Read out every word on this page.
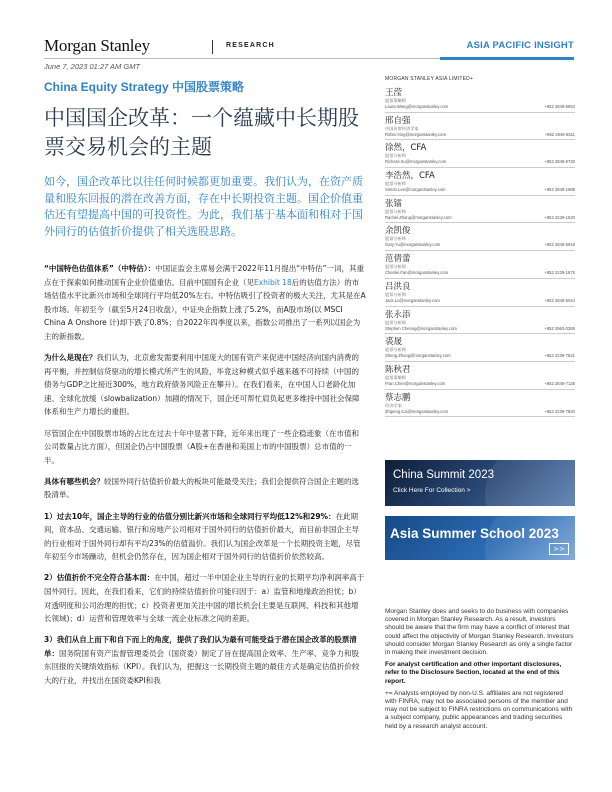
Morgan Stanley	RESEARCH	ASIA PACIFIC INSIGHT
June 7, 2023 01:27 AM GMT
China Equity Strategy 中国股票策略
中国国企改革：一个蕴藏中长期股票交易机会的主题
如今，国企改革比以往任何时候都更加重要。我们认为，在资产质量和股东回报的潜在改善方面，存在中长期投资主题。国企价值重估还有望提高中国的可投资性。为此，我们基于基本面和相对于国外同行的估值折价提供了相关选股思路。

“中国特色估值体系”（中特估）：中国证监会主席易会满于2022年11月提出“中特估”一词，其重点在于探索如何推动国有企业价值重估。目前中国国有企业（见Exhibit 18后的估值方法）的市场估值水平比新兴市场和全球同行平均低20%左右。中特估吸引了投资者的极大关注，尤其是在A股市场。年初至今（截至5月24日收盘），中证央企指数上涨了5.2%，而A股市场(以 MSCI China A Onshore 计)却下跌了0.8%；自2022年四季度以来，指数公司推出了一系列以国企为主的新指数。

为什么是现在？我们认为，北京愈发需要利用中国庞大的国有资产来促进中国经济向国内消费的再平衡，并控制信贷驱动的增长模式所产生的风险，毕竟这种模式似乎越来越不可持续（中国的债务与GDP之比接近300%，地方政府债务风险正在攀升）。在我们看来，在中国人口老龄化加速、全球化放缓（slowbalization）加剧的情况下，国企还可帮忙肩负起更多维持中国社会保障体系和生产力增长的重担。

尽管国企在中国股票市场的占比在过去十年中显著下降，近年来出现了一些企稳迹象（在市值和公司数量占比方面），但国企仍占中国股票（A股+在香港和美国上市的中国股票）总市值的一半。

具体有哪些机会？较国外同行估值折价最大的板块可能最受关注；我们会提供符合国企主题的选股清单。

1）过去10年，国企主导的行业的估值分别比新兴市场和全球同行平均低12%和29%：在此期间，资本品、交通运输、银行和房地产公司相对于国外同行的估值折价最大，而目前非国企主导的行业相对于国外同行却有平均23%的估值溢价。我们认为国企改革是一个长期投资主题，尽管年初至今市场躁动，但机会仍然存在，因为国企相对于国外同行的估值折价依然较高。

2）估值折价不完全符合基本面：在中国，超过一半中国企业主导的行业的长期平均净利润率高于国外同行。因此，在我们看来，它们的持续估值折价可能归因于：a）监管和地缘政治担忧；b）对透明度和公司治理的担忧；c）投资者更加关注中国的增长机会(主要是互联网、科技和其他增长领域)；d）运营和管理效率与全球一流企业标准之间的差距。

3）我们从自上而下和自下而上的角度，提供了我们认为最有可能受益于潜在国企改革的股票清单：国务院国有资产监督管理委员会（国资委）制定了旨在提高国企效率、生产率、竞争力和股东回报的关键绩效指标（KPI）。我们认为，把握这一长期投资主题的最佳方式是确定估值折价较大的行业，并找出在国资委KPI和我

MORGAN STANLEY ASIA LIMITED+
王滢
股票策略师
Laura.Wang@morganstanley.com	+852 2848-6853
邢自强
中国首席经济学家
Robin.Xing@morganstanley.com	+852 2848-6511
徐然，CFA
股票分析师
Richard.Xu@morganstanley.com	+852 2848-6720
李浩然，CFA
股票分析师
Simon.Lee@morganstanley.com	+852 2848-1988
张镭
股票分析师
Rachel.Zhang@morganstanley.com	+852 2239-1520
余凯俊
股票分析师
Gary.Yu@morganstanley.com	+852 2848-6918
范倩蕾
股票分析师
Chenlei.Fan@morganstanley.com	+852 2239-1875
吕洪良
股票分析师
Jack.Lu@morganstanley.com	+852 2848-5044
张永添
股票分析师
Stephen Cheong@morganstanley.com	+852 3963-0385
裘晟
股票分析师
Sheng.Zhong@morganstanley.com	+852 2239-7821
陈秋君
股票策略师
Fran.Chen@morganstanley.com	+852 2848-7135
蔡志鹏
经济学家
Zhipeng.Cai@morganstanley.com	+852 2239-7820
China Summit 2023
Click Here For Collection >
Asia Summer School 2023
>>

Morgan Stanley does and seeks to do business with companies covered in Morgan Stanley Research. As a result, investors should be aware that the firm may have a conflict of interest that could affect the objectivity of Morgan Stanley Research. Investors should consider Morgan Stanley Research as only a single factor in making their investment decision.

For analyst certification and other important disclosures, refer to the Disclosure Section, located at the end of this report.

+= Analysts employed by non-U.S. affiliates are not registered with FINRA, may not be associated persons of the member and may not be subject to FINRA restrictions on communications with a subject company, public appearances and trading securities held by a research analyst account.
